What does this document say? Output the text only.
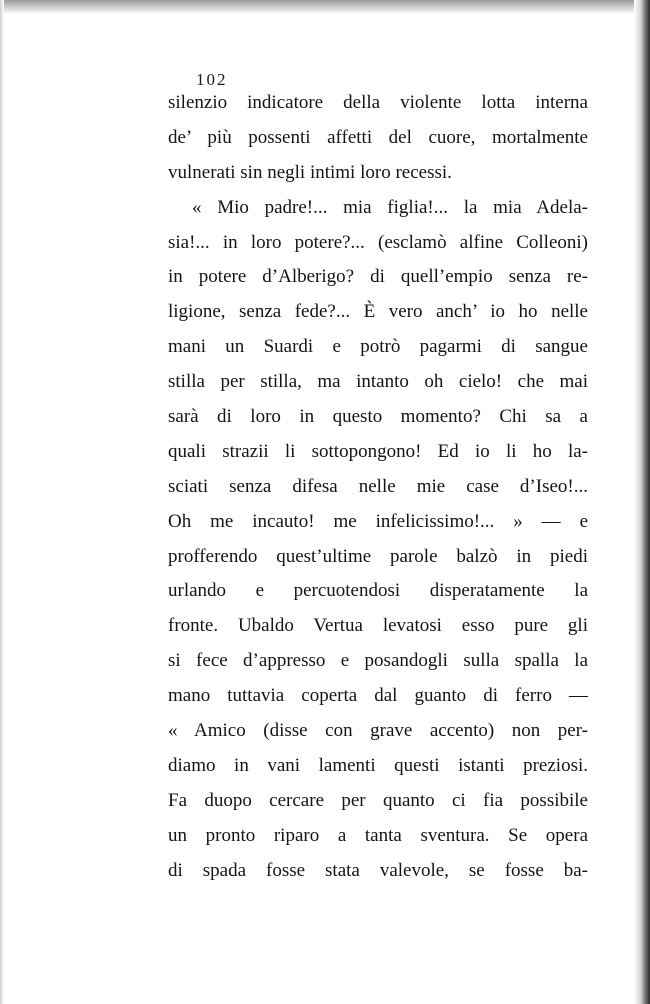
102
silenzio indicatore della violente lotta interna
de’ più possenti affetti del cuore, mortalmente
vulnerati sin negli intimi loro recessi.
« Mio padre!... mia figlia!... la mia Adela-
sia!... in loro potere?... (esclamò alfine Colleoni)
in potere d’Alberigo? di quell’empio senza re-
ligione, senza fede?... È vero anch’ io ho nelle
mani un Suardi e potrò pagarmi di sangue
stilla per stilla, ma intanto oh cielo! che mai
sarà di loro in questo momento? Chi sa a
quali strazii li sottopongono! Ed io li ho la-
sciati senza difesa nelle mie case d’Iseo!...
Oh me incauto! me infelicissimo!... » — e
profferendo quest’ultime parole balzò in piedi
urlando e percuotendosi disperatamente la
fronte. Ubaldo Vertua levatosi esso pure gli
si fece d’appresso e posandogli sulla spalla la
mano tuttavia coperta dal guanto di ferro —
« Amico (disse con grave accento) non per-
diamo in vani lamenti questi istanti preziosi.
Fa duopo cercare per quanto ci fia possibile
un pronto riparo a tanta sventura. Se opera
di spada fosse stata valevole, se fosse ba-
